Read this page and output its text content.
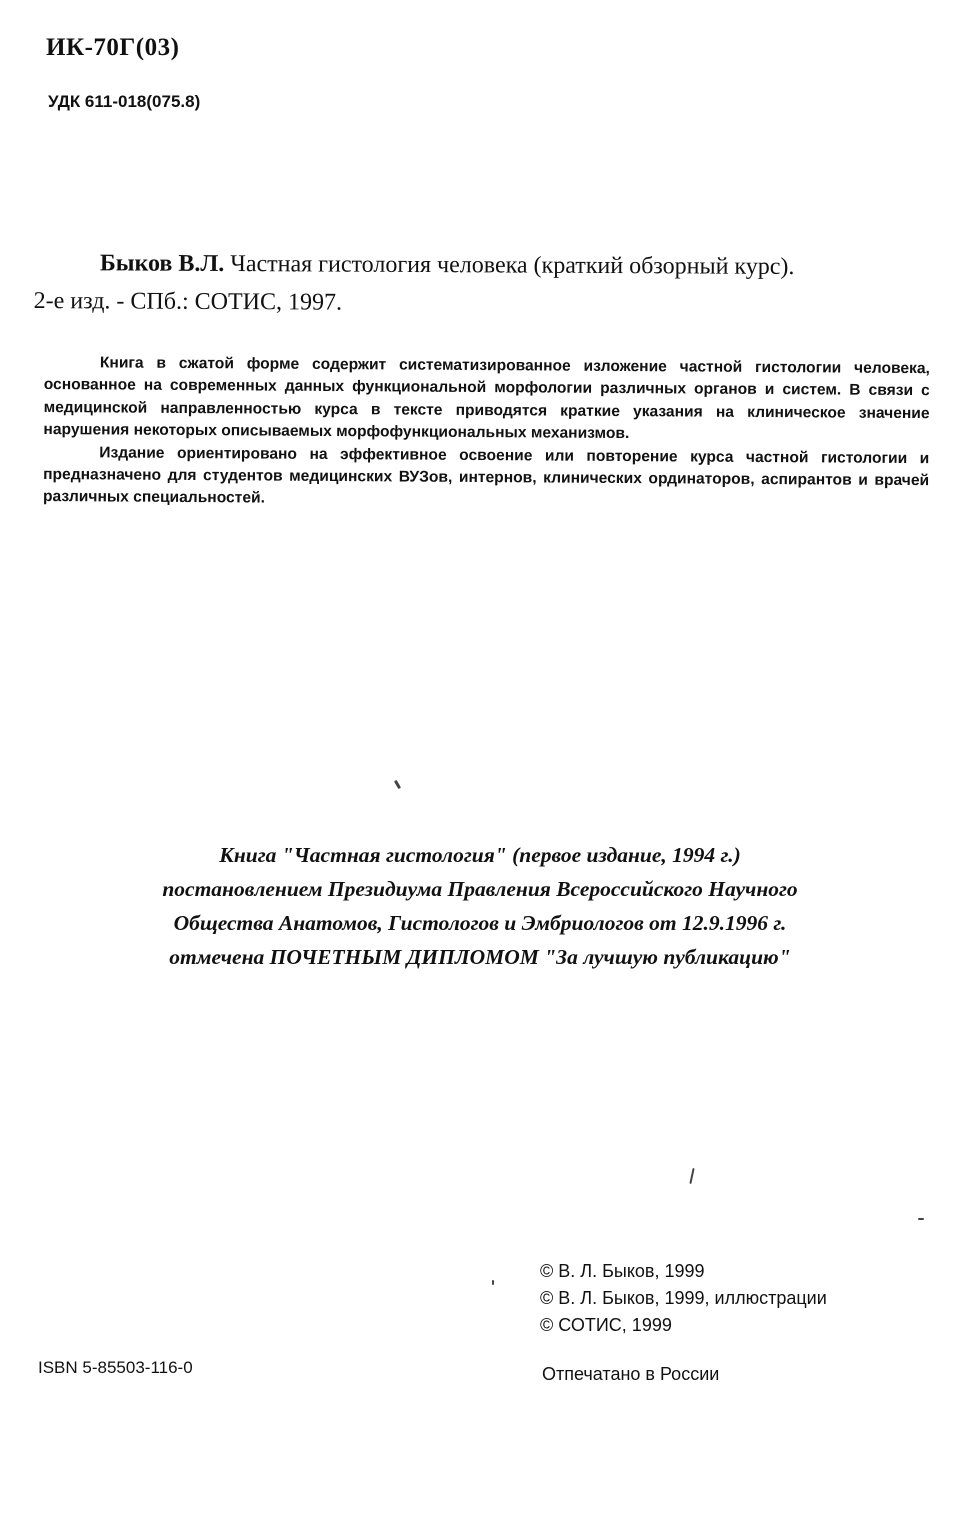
ИК-70Г(03)
УДК 611-018(075.8)
Быков В.Л. Частная гистология человека (краткий обзорный курс).
2-е изд. - СПб.: СОТИС, 1997.

Книга в сжатой форме содержит систематизированное изложение частной гистологии человека, основанное на современных данных функциональной морфологии различных органов и систем. В связи с медицинской направленностью курса в тексте приводятся краткие указания на клиническое значение нарушения некоторых описываемых морфофункциональных механизмов.

Издание ориентировано на эффективное освоение или повторение курса частной гистологии и предназначено для студентов медицинских ВУЗов, интернов, клинических ординаторов, аспирантов и врачей различных специальностей.

Книга "Частная гистология" (первое издание, 1994 г.)
постановлением Президиума Правления Всероссийского Научного
Общества Анатомов, Гистологов и Эмбриологов от 12.9.1996 г.
отмечена ПОЧЕТНЫМ ДИПЛОМОМ "За лучшую публикацию"
© В. Л. Быков, 1999
© В. Л. Быков, 1999, иллюстрации
© СОТИС, 1999
ISBN 5-85503-116-0	Отпечатано в России
